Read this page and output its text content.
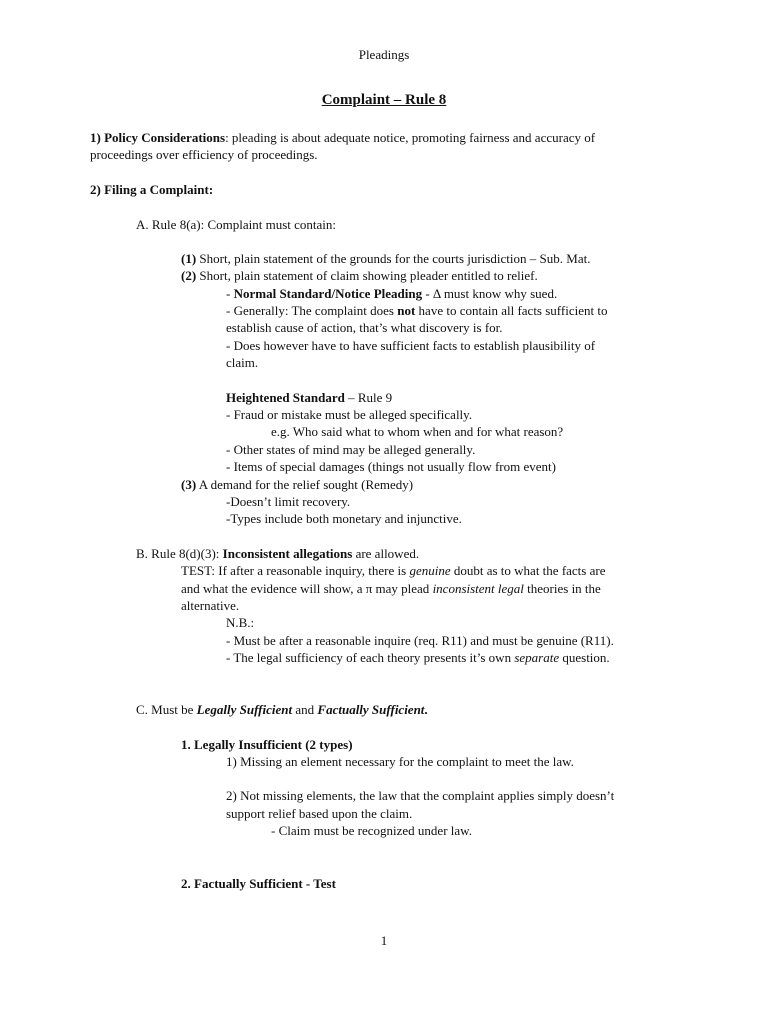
Pleadings
Complaint – Rule 8
1) Policy Considerations: pleading is about adequate notice, promoting fairness and accuracy of
proceedings over efficiency of proceedings.
2) Filing a Complaint:
A. Rule 8(a): Complaint must contain:
(1) Short, plain statement of the grounds for the courts jurisdiction – Sub. Mat.
(2) Short, plain statement of claim showing pleader entitled to relief.
- Normal Standard/Notice Pleading - Δ must know why sued.
- Generally: The complaint does not have to contain all facts sufficient to
establish cause of action, that’s what discovery is for.
- Does however have to have sufficient facts to establish plausibility of
claim.
Heightened Standard – Rule 9
- Fraud or mistake must be alleged specifically.
e.g. Who said what to whom when and for what reason?
- Other states of mind may be alleged generally.
- Items of special damages (things not usually flow from event)
(3) A demand for the relief sought (Remedy)
-Doesn’t limit recovery.
-Types include both monetary and injunctive.
B. Rule 8(d)(3): Inconsistent allegations are allowed.
TEST: If after a reasonable inquiry, there is genuine doubt as to what the facts are
and what the evidence will show, a π may plead inconsistent legal theories in the
alternative.
N.B.:
- Must be after a reasonable inquire (req. R11) and must be genuine (R11).
- The legal sufficiency of each theory presents it’s own separate question.
C. Must be Legally Sufficient and Factually Sufficient.
1. Legally Insufficient (2 types)
1) Missing an element necessary for the complaint to meet the law.
2) Not missing elements, the law that the complaint applies simply doesn’t
support relief based upon the claim.
- Claim must be recognized under law.
2. Factually Sufficient - Test
1
